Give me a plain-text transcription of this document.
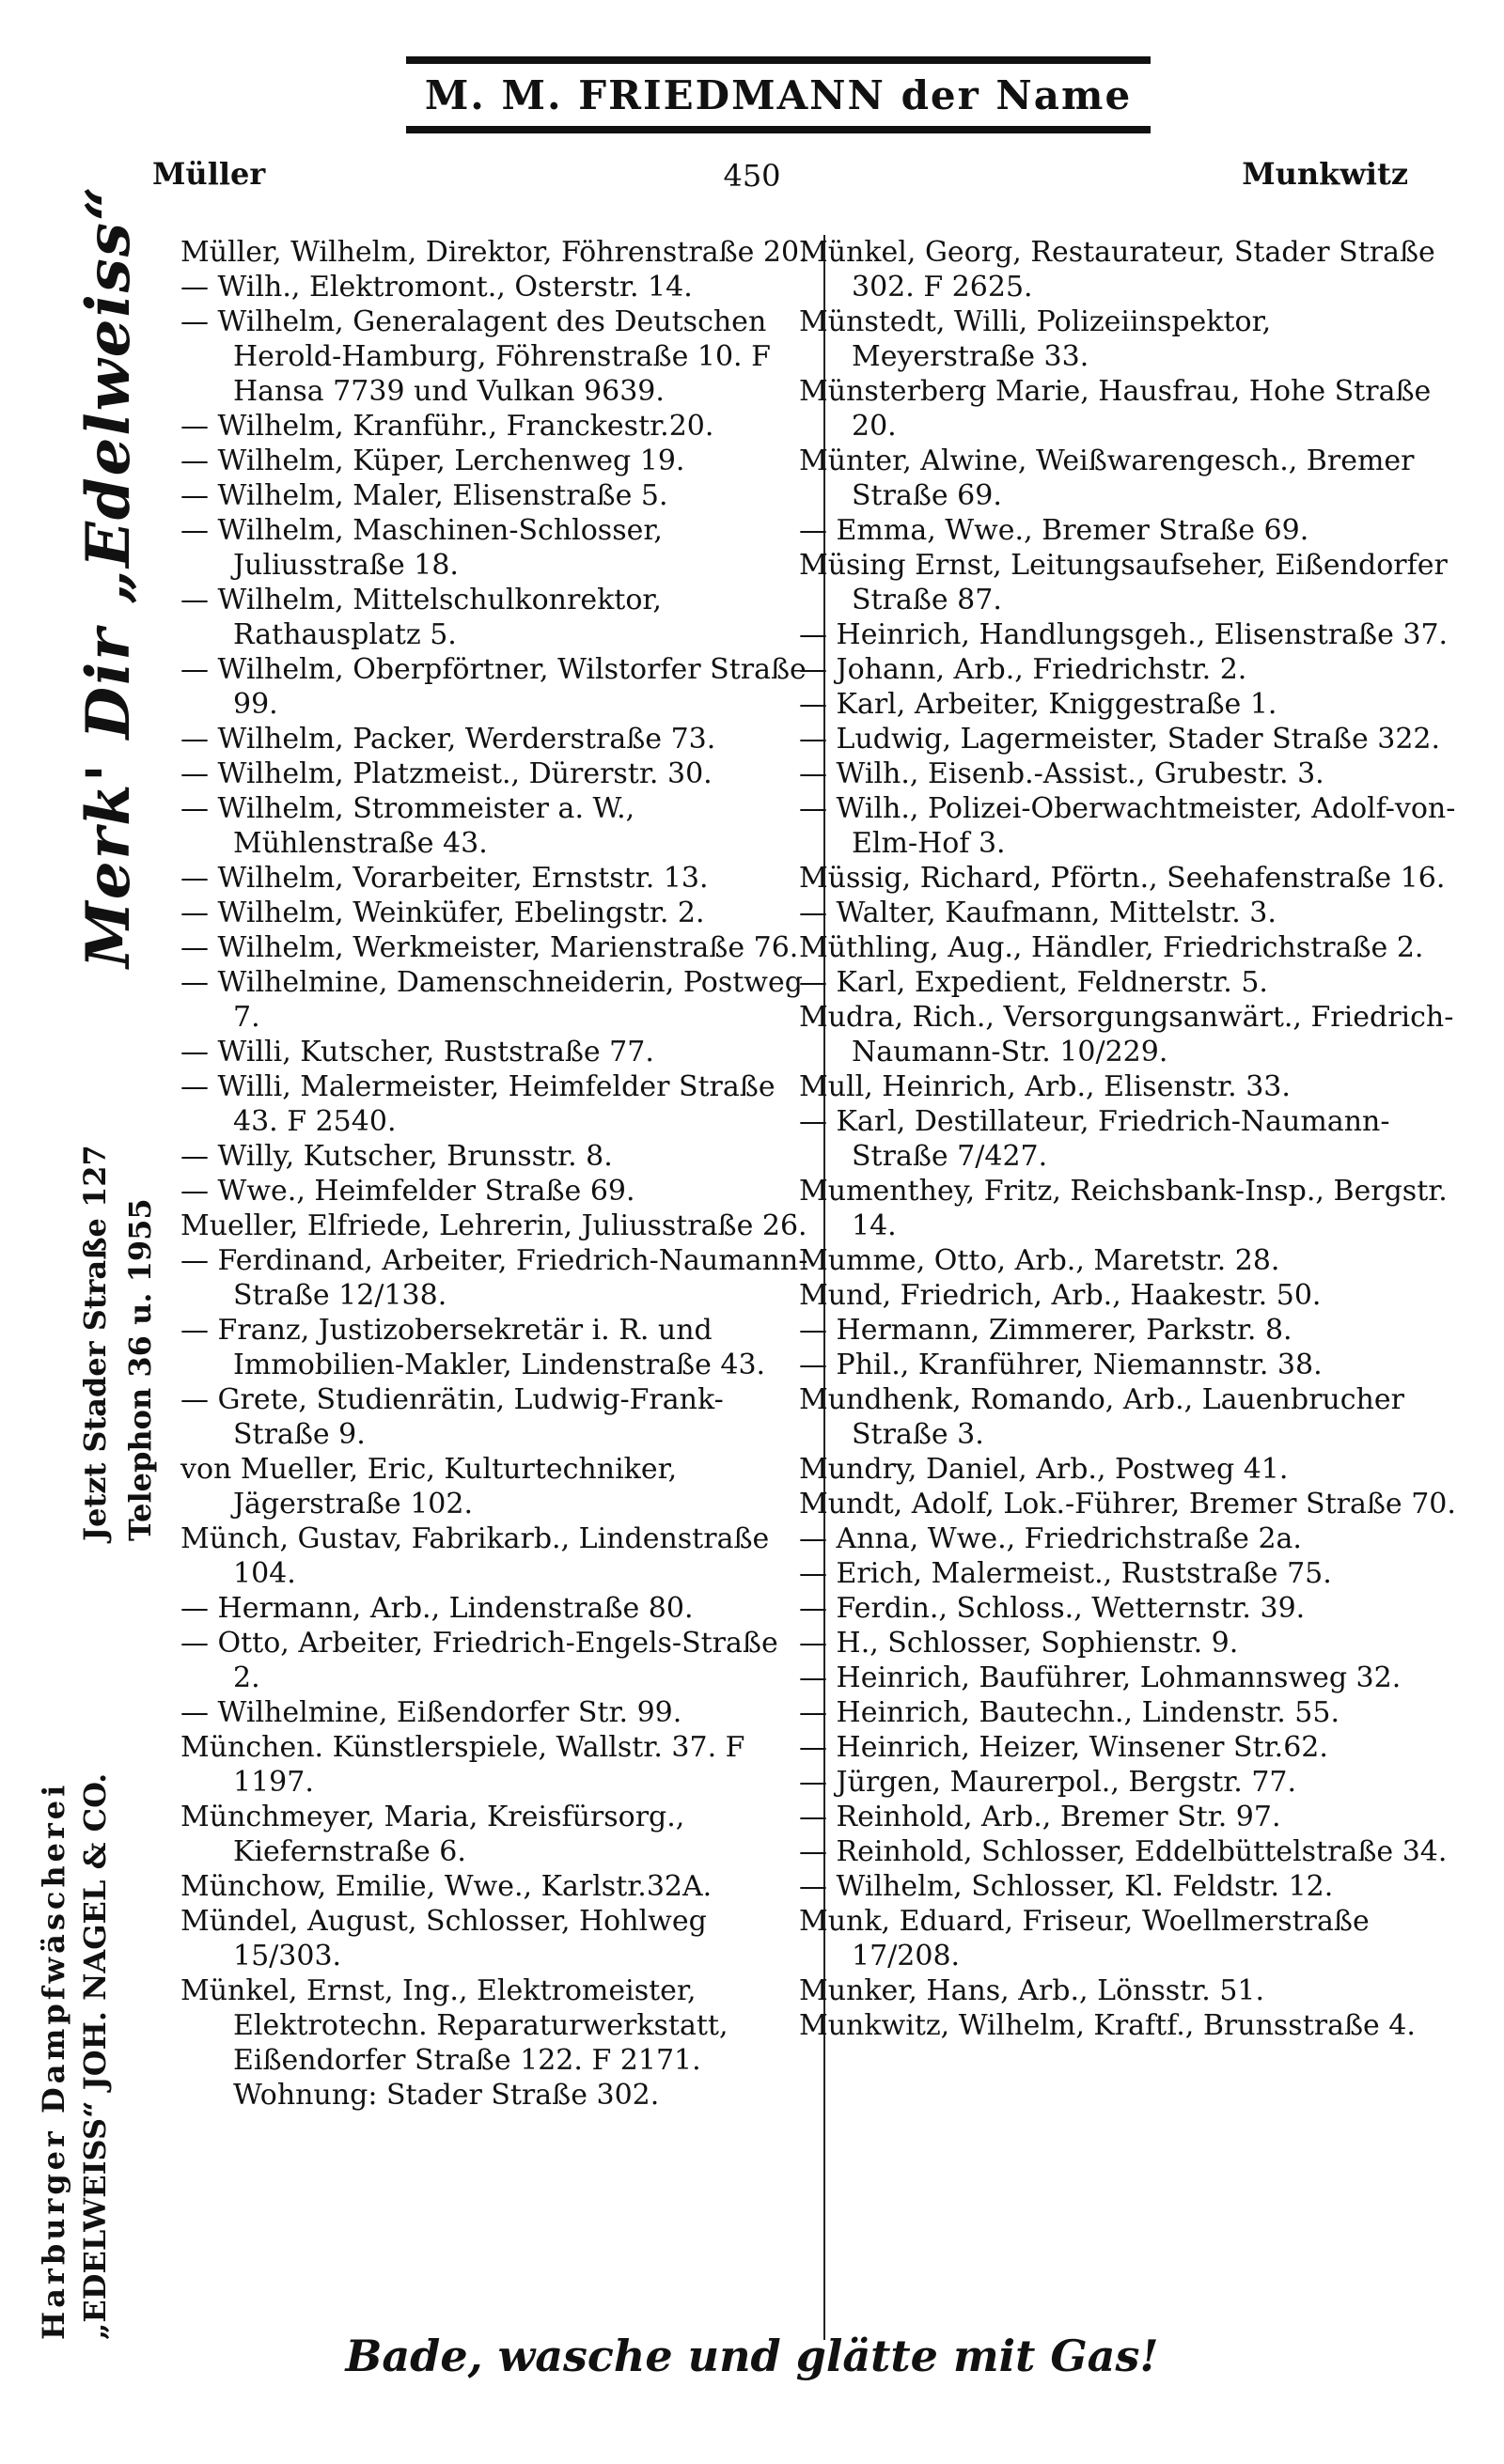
M. M. FRIEDMANN der Name
Müller	450	Munkwitz
Merk' Dir „Edelweiss“
Jetzt Stader Straße 127 Telephon 36 u. 1955
Harburger Dampfwäscherei „EDELWEISS“ JOH. NAGEL & CO.

Müller, Wilhelm, Direktor, Föhrenstraße 20.

— Wilh., Elektromont., Osterstr. 14.

— Wilhelm, Generalagent des Deutschen Herold-Hamburg, Föhrenstraße 10. F Hansa 7739 und Vulkan 9639.

— Wilhelm, Kranführ., Franckestr.20.

— Wilhelm, Küper, Lerchenweg 19.

— Wilhelm, Maler, Elisenstraße 5.

— Wilhelm, Maschinen-Schlosser, Juliusstraße 18.

— Wilhelm, Mittelschulkonrektor, Rathausplatz 5.

— Wilhelm, Oberpförtner, Wilstorfer Straße 99.

— Wilhelm, Packer, Werderstraße 73.

— Wilhelm, Platzmeist., Dürerstr. 30.

— Wilhelm, Strommeister a. W., Mühlenstraße 43.

— Wilhelm, Vorarbeiter, Ernststr. 13.

— Wilhelm, Weinküfer, Ebelingstr. 2.

— Wilhelm, Werkmeister, Marienstraße 76.

— Wilhelmine, Damenschneiderin, Postweg 7.

— Willi, Kutscher, Ruststraße 77.

— Willi, Malermeister, Heimfelder Straße 43. F 2540.

— Willy, Kutscher, Brunsstr. 8.

— Wwe., Heimfelder Straße 69.

Mueller, Elfriede, Lehrerin, Juliusstraße 26.

— Ferdinand, Arbeiter, Friedrich-Naumann-Straße 12/138.

— Franz, Justizobersekretär i. R. und Immobilien-Makler, Lindenstraße 43.

— Grete, Studienrätin, Ludwig-Frank-Straße 9.

von Mueller, Eric, Kulturtechniker, Jägerstraße 102.

Münch, Gustav, Fabrikarb., Lindenstraße 104.

— Hermann, Arb., Lindenstraße 80.

— Otto, Arbeiter, Friedrich-Engels-Straße 2.

— Wilhelmine, Eißendorfer Str. 99.

München. Künstlerspiele, Wallstr. 37. F 1197.

Münchmeyer, Maria, Kreisfürsorg., Kiefernstraße 6.

Münchow, Emilie, Wwe., Karlstr.32A.

Mündel, August, Schlosser, Hohlweg 15/303.

Münkel, Ernst, Ing., Elektromeister, Elektrotechn. Reparaturwerkstatt, Eißendorfer Straße 122. F 2171. Wohnung: Stader Straße 302.

Münkel, Georg, Restaurateur, Stader Straße 302. F 2625.

Münstedt, Willi, Polizeiinspektor, Meyerstraße 33.

Münsterberg Marie, Hausfrau, Hohe Straße 20.

Münter, Alwine, Weißwarengesch., Bremer Straße 69.

— Emma, Wwe., Bremer Straße 69.

Müsing Ernst, Leitungsaufseher, Eißendorfer Straße 87.

— Heinrich, Handlungsgeh., Elisenstraße 37.

— Johann, Arb., Friedrichstr. 2.

— Karl, Arbeiter, Kniggestraße 1.

— Ludwig, Lagermeister, Stader Straße 322.

— Wilh., Eisenb.-Assist., Grubestr. 3.

— Wilh., Polizei-Oberwachtmeister, Adolf-von-Elm-Hof 3.

Müssig, Richard, Pförtn., Seehafenstraße 16.

— Walter, Kaufmann, Mittelstr. 3.

Müthling, Aug., Händler, Friedrichstraße 2.

— Karl, Expedient, Feldnerstr. 5.

Mudra, Rich., Versorgungsanwärt., Friedrich-Naumann-Str. 10/229.

Mull, Heinrich, Arb., Elisenstr. 33.

— Karl, Destillateur, Friedrich-Naumann-Straße 7/427.

Mumenthey, Fritz, Reichsbank-Insp., Bergstr. 14.

Mumme, Otto, Arb., Maretstr. 28.

Mund, Friedrich, Arb., Haakestr. 50.

— Hermann, Zimmerer, Parkstr. 8.

— Phil., Kranführer, Niemannstr. 38.

Mundhenk, Romando, Arb., Lauenbrucher Straße 3.

Mundry, Daniel, Arb., Postweg 41.

Mundt, Adolf, Lok.-Führer, Bremer Straße 70.

— Anna, Wwe., Friedrichstraße 2a.

— Erich, Malermeist., Ruststraße 75.

— Ferdin., Schloss., Wetternstr. 39.

— H., Schlosser, Sophienstr. 9.

— Heinrich, Bauführer, Lohmannsweg 32.

— Heinrich, Bautechn., Lindenstr. 55.

— Heinrich, Heizer, Winsener Str.62.

— Jürgen, Maurerpol., Bergstr. 77.

— Reinhold, Arb., Bremer Str. 97.

— Reinhold, Schlosser, Eddelbüttelstraße 34.

— Wilhelm, Schlosser, Kl. Feldstr. 12.

Munk, Eduard, Friseur, Woellmerstraße 17/208.

Munker, Hans, Arb., Lönsstr. 51.

Munkwitz, Wilhelm, Kraftf., Brunsstraße 4.

Bade, wasche und glätte mit Gas!
